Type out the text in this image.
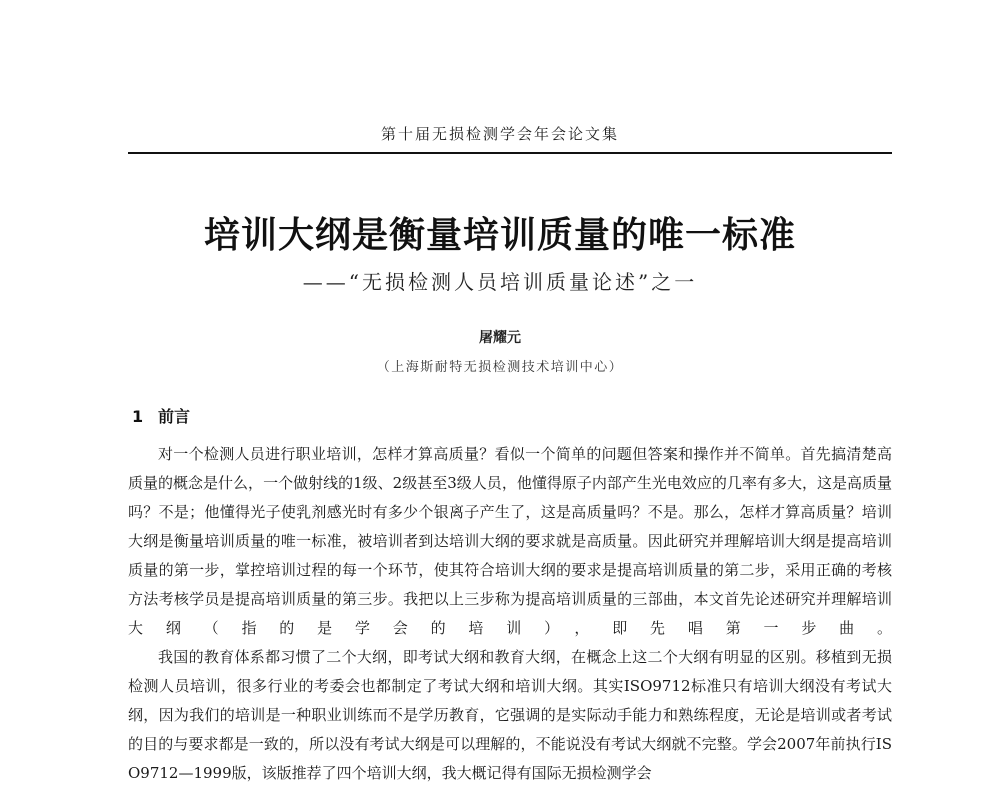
第十届无损检测学会年会论文集
培训大纲是衡量培训质量的唯一标准
——“无损检测人员培训质量论述”之一
屠耀元
（上海斯耐特无损检测技术培训中心）
1 前言

对一个检测人员进行职业培训，怎样才算高质量？看似一个简单的问题但答案和操作并不简单。首先搞清楚高质量的概念是什么，一个做射线的1级、2级甚至3级人员，他懂得原子内部产生光电效应的几率有多大，这是高质量吗？不是；他懂得光子使乳剂感光时有多少个银离子产生了，这是高质量吗？不是。那么，怎样才算高质量？培训大纲是衡量培训质量的唯一标准，被培训者到达培训大纲的要求就是高质量。因此研究并理解培训大纲是提高培训质量的第一步，掌控培训过程的每一个环节，使其符合培训大纲的要求是提高培训质量的第二步，采用正确的考核方法考核学员是提高培训质量的第三步。我把以上三步称为提高培训质量的三部曲，本文首先论述研究并理解培训大纲（指的是学会的培训），即先唱第一步曲。

我国的教育体系都习惯了二个大纲，即考试大纲和教育大纲，在概念上这二个大纲有明显的区别。移植到无损检测人员培训，很多行业的考委会也都制定了考试大纲和培训大纲。其实ISO9712标准只有培训大纲没有考试大纲，因为我们的培训是一种职业训练而不是学历教育，它强调的是实际动手能力和熟练程度，无论是培训或者考试的目的与要求都是一致的，所以没有考试大纲是可以理解的，不能说没有考试大纲就不完整。学会2007年前执行ISO9712—1999版，该版推荐了四个培训大纲，我大概记得有国际无损检测学会
